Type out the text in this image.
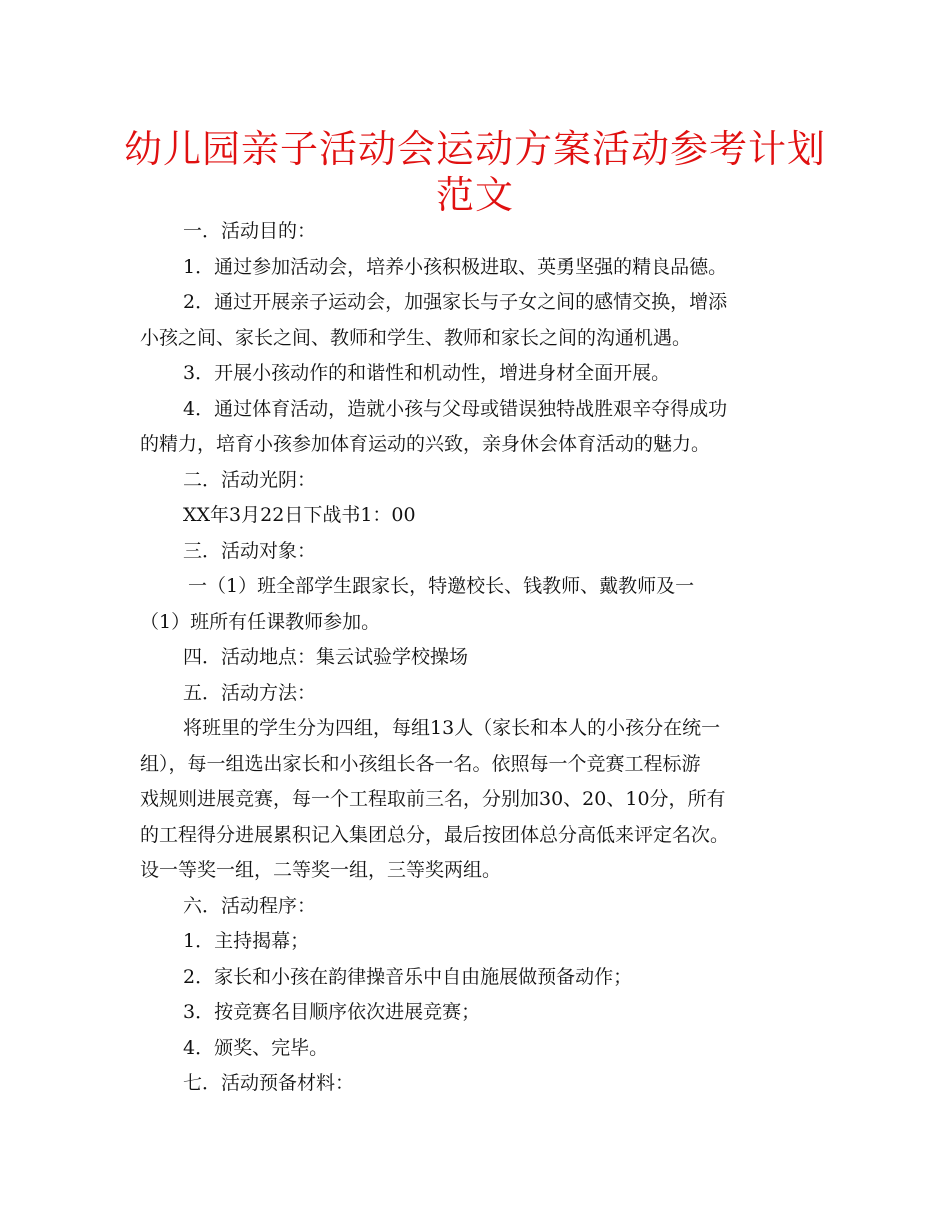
幼儿园亲子活动会运动方案活动参考计划
范文

一．活动目的：

1．通过参加活动会，培养小孩积极进取、英勇坚强的精良品德。

2．通过开展亲子运动会，加强家长与子女之间的感情交换，增添

小孩之间、家长之间、教师和学生、教师和家长之间的沟通机遇。

3．开展小孩动作的和谐性和机动性，增进身材全面开展。

4．通过体育活动，造就小孩与父母或错误独特战胜艰辛夺得成功

的精力，培育小孩参加体育运动的兴致，亲身休会体育活动的魅力。

二．活动光阴：

XX年3月22日下战书1：00

三．活动对象：

一（1）班全部学生跟家长，特邀校长、钱教师、戴教师及一

（1）班所有任课教师参加。

四．活动地点：集云试验学校操场

五．活动方法：

将班里的学生分为四组，每组13人（家长和本人的小孩分在统一

组），每一组选出家长和小孩组长各一名。依照每一个竞赛工程标游

戏规则进展竞赛，每一个工程取前三名，分别加30、20、10分，所有

的工程得分进展累积记入集团总分，最后按团体总分高低来评定名次。

设一等奖一组，二等奖一组，三等奖两组。

六．活动程序：

1．主持揭幕；

2．家长和小孩在韵律操音乐中自由施展做预备动作；

3．按竞赛名目顺序依次进展竞赛；

4．颁奖、完毕。

七．活动预备材料：
